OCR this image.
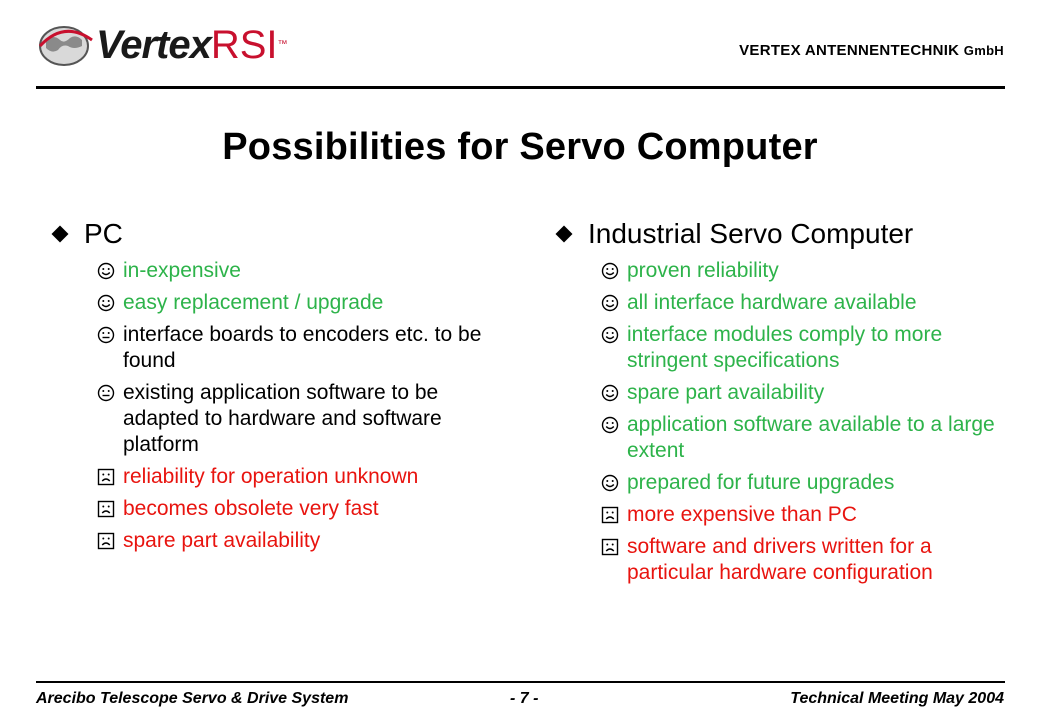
VertexRSI™	VERTEX ANTENNENTECHNIK GmbH
Possibilities for Servo Computer
PC
in-expensive
easy replacement / upgrade
interface boards to encoders etc. to be found
existing application software to be adapted to hardware and software platform
reliability for operation unknown
becomes obsolete very fast
spare part availability
Industrial Servo Computer
proven reliability
all interface hardware available
interface modules comply to more stringent specifications
spare part availability
application software available to a large extent
prepared for future upgrades
more expensive than PC
software and drivers written for a particular hardware configuration
Arecibo Telescope Servo & Drive System	- 7 -	Technical Meeting May 2004
